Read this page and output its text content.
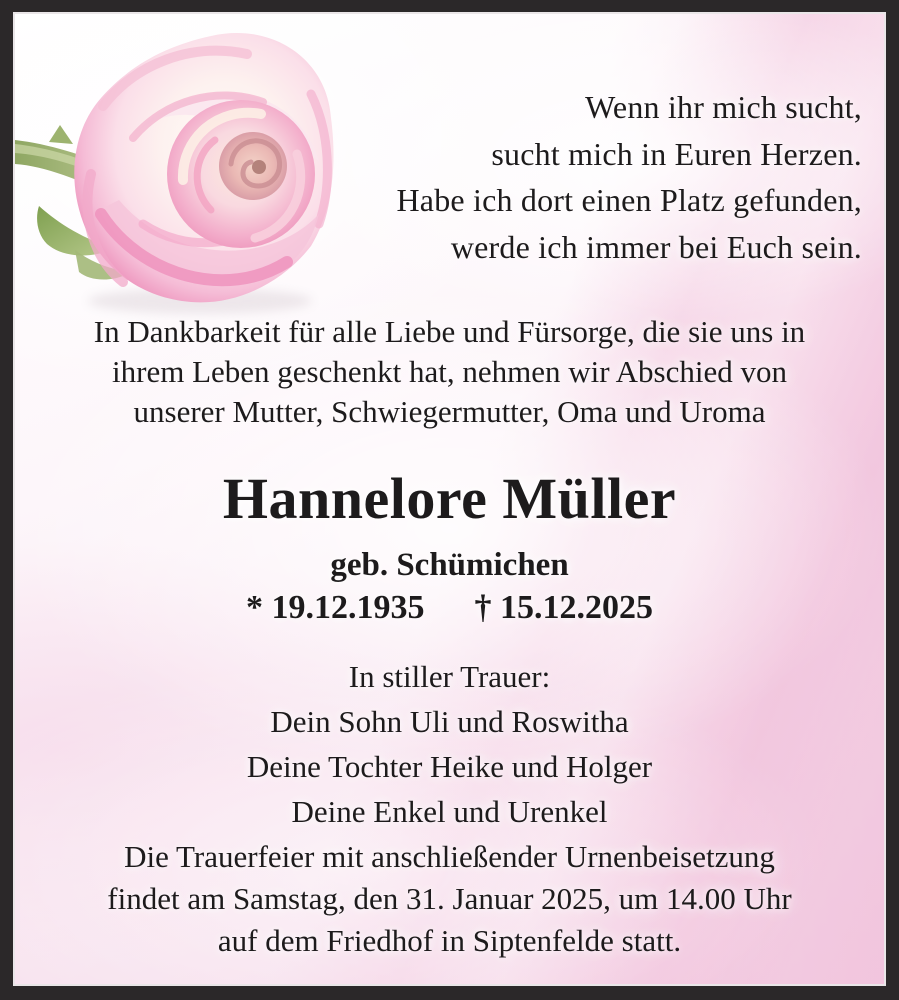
Wenn ihr mich sucht,
sucht mich in Euren Herzen.
Habe ich dort einen Platz gefunden,
werde ich immer bei Euch sein.
In Dankbarkeit für alle Liebe und Fürsorge, die sie uns in
ihrem Leben geschenkt hat, nehmen wir Abschied von
unserer Mutter, Schwiegermutter, Oma und Uroma
Hannelore Müller
geb. Schümichen
* 19.12.1935 † 15.12.2025
In stiller Trauer:
Dein Sohn Uli und Roswitha
Deine Tochter Heike und Holger
Deine Enkel und Urenkel
Die Trauerfeier mit anschließender Urnenbeisetzung
findet am Samstag, den 31. Januar 2025, um 14.00 Uhr
auf dem Friedhof in Siptenfelde statt.
